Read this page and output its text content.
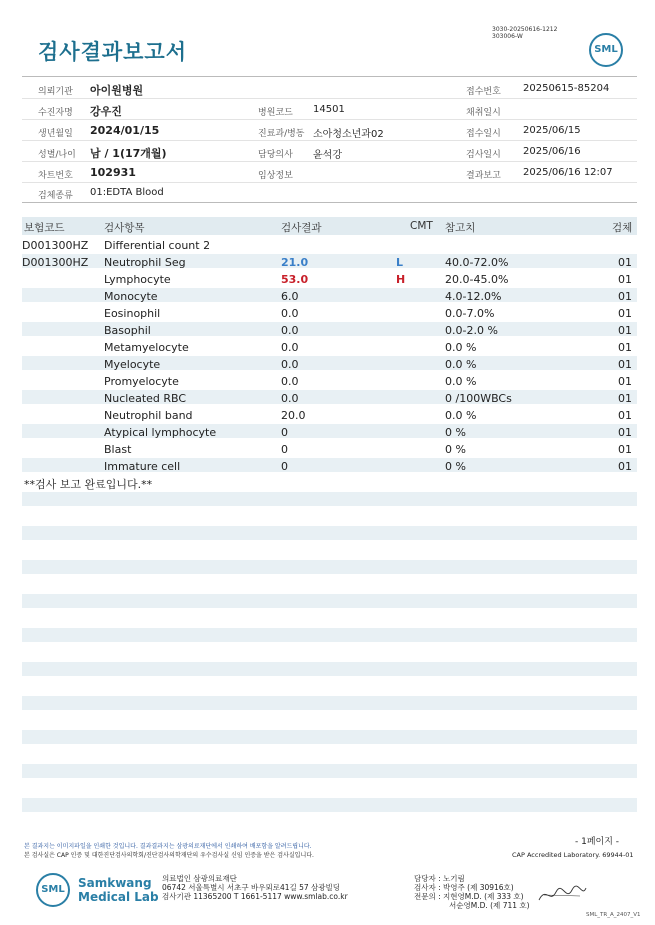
검사결과보고서
3030-20250616-1212
303006-W
SML
의뢰기관 아이원병원	접수번호 20250615-85204
수진자명 강우진	병원코드 14501	채취일시
생년월일 2024/01/15	진료과/병동 소아청소년과02	접수일시 2025/06/15
성별/나이 남 / 1(17개월)	담당의사 윤석강	검사일시 2025/06/16
차트번호 102931	임상정보	결과보고 2025/06/16 12:07
검체종류 01:EDTA Blood
보험코드	검사항목	검사결과	CMT 참고치	검체
D001300HZ Differential count 2
D001300HZ Neutrophil Seg	21.0	L	40.0-72.0%	01
Lymphocyte	53.0	H	20.0-45.0%	01
Monocyte	6.0	4.0-12.0%	01
Eosinophil	0.0	0.0-7.0%	01
Basophil	0.0	0.0-2.0 %	01
Metamyelocyte	0.0	0.0 %	01
Myelocyte	0.0	0.0 %	01
Promyelocyte	0.0	0.0 %	01
Nucleated RBC	0.0	0 /100WBCs	01
Neutrophil band	20.0	0.0 %	01
Atypical lymphocyte	0	0 %	01
Blast	0	0 %	01
Immature cell	0	0 %	01
**검사 보고 완료입니다.**
본 결과지는 이미지파일을 인쇄한 것입니다. 결과결과지는 삼광의료재단에서 인쇄하여 배포함을 알려드립니다.
본 검사실은 CAP 인증 및 대한진단검사의학회/진단검사의학재단의 우수검사실 신임 인증을 받은 검사실입니다.
- 1페이지 -
CAP Accredited Laboratory. 69944-01
SML Samkwang
Medical Lab
의료법인 삼광의료재단
06742 서울특별시 서초구 바우뫼로41길 57 삼광빌딩
검사기관 11365200 T 1661-5117 www.smlab.co.kr
담당자 : 노기림
검사자 : 박영주 (제 30916호)
전문의 : 지현영M.D. (제 333 호)
서순영M.D. (제 711 호)
SML_TR_A_2407_V1
